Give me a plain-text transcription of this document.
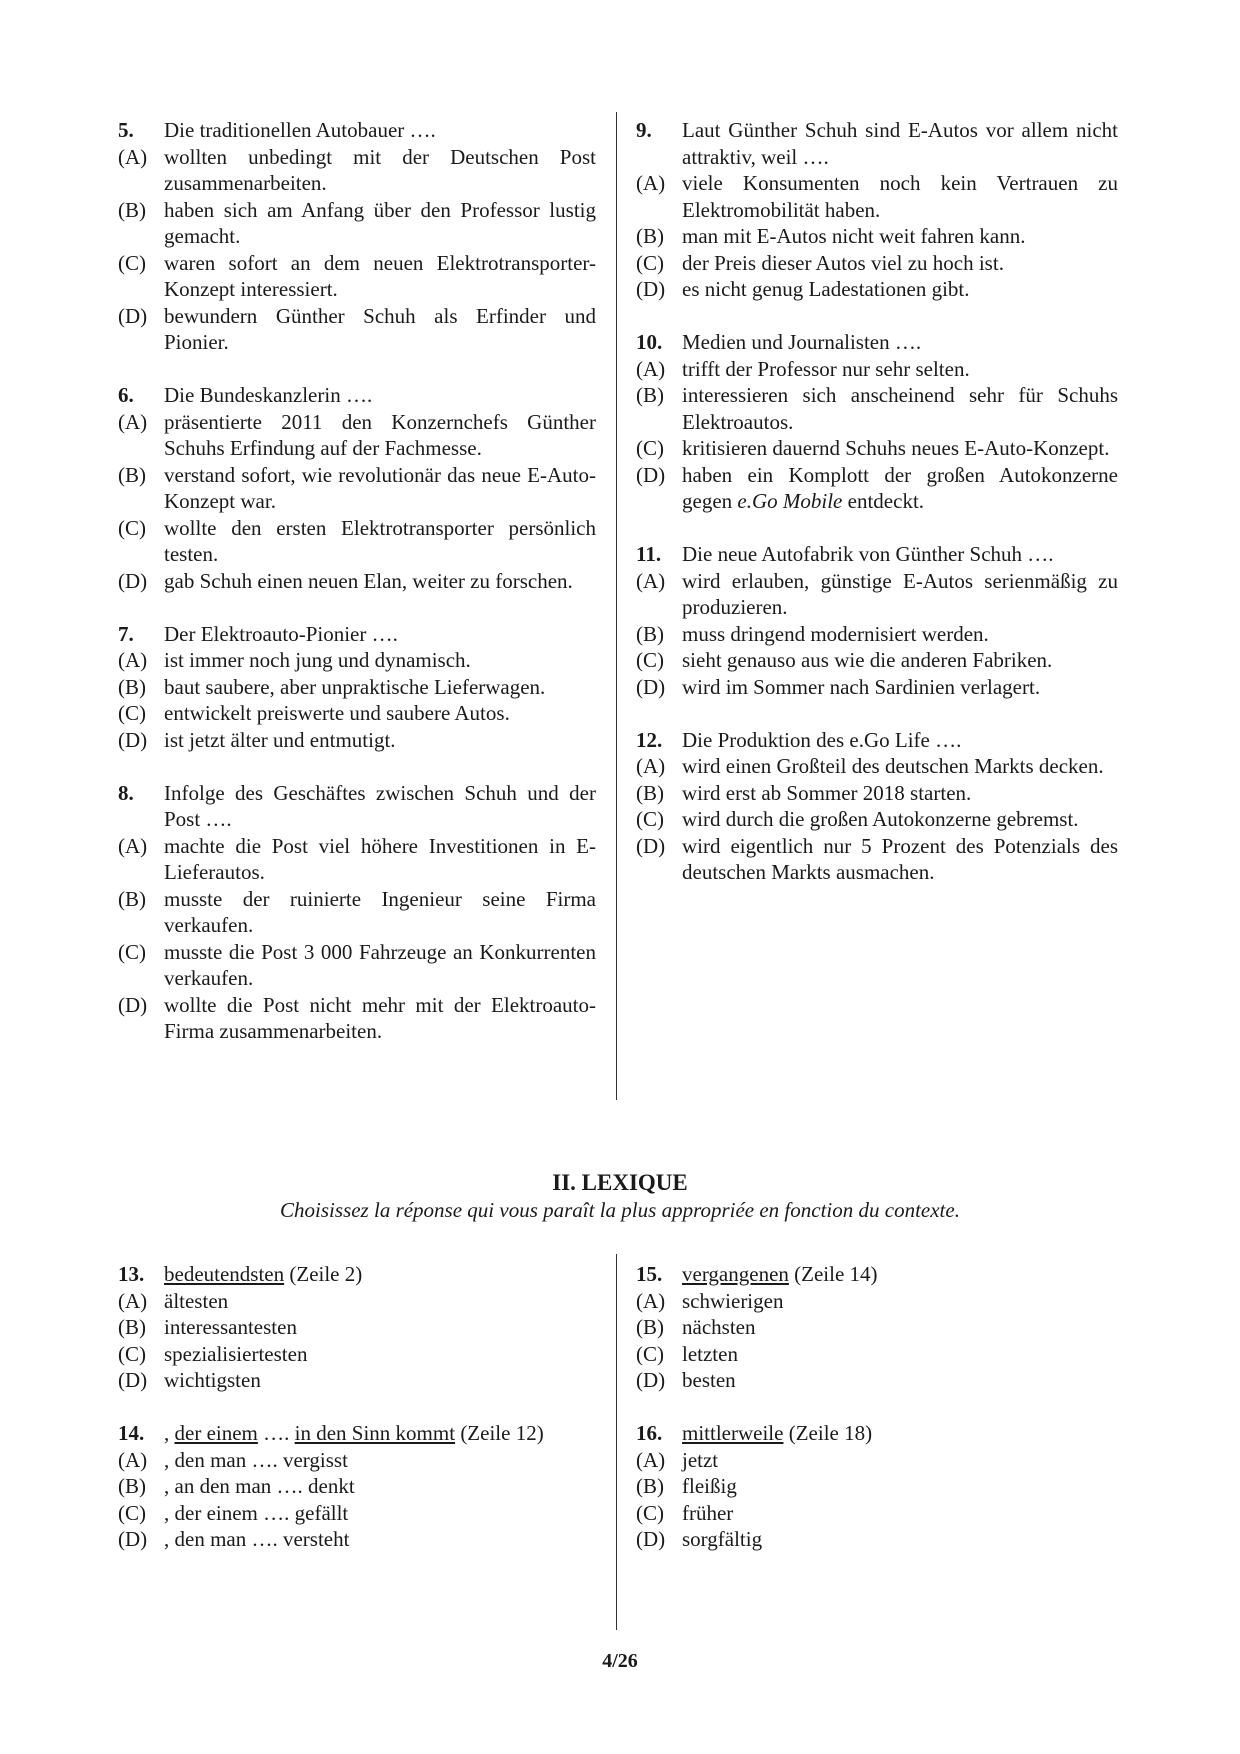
5.	Die traditionellen Autobauer ….
(A) wollten unbedingt mit der Deutschen Post zusammenarbeiten.
(B) haben sich am Anfang über den Professor lustig gemacht.
(C) waren sofort an dem neuen Elektrotransporter-Konzept interessiert.
(D) bewundern Günther Schuh als Erfinder und Pionier.
6.	Die Bundeskanzlerin ….
(A) präsentierte 2011 den Konzernchefs Günther Schuhs Erfindung auf der Fachmesse.
(B) verstand sofort, wie revolutionär das neue E-Auto-Konzept war.
(C) wollte den ersten Elektrotransporter persönlich testen.
(D) gab Schuh einen neuen Elan, weiter zu forschen.
7.	Der Elektroauto-Pionier ….
(A) ist immer noch jung und dynamisch.
(B) baut saubere, aber unpraktische Lieferwagen.
(C) entwickelt preiswerte und saubere Autos.
(D) ist jetzt älter und entmutigt.
8.	Infolge des Geschäftes zwischen Schuh und der Post ….
(A) machte die Post viel höhere Investitionen in E-Lieferautos.
(B) musste der ruinierte Ingenieur seine Firma verkaufen.
(C) musste die Post 3 000 Fahrzeuge an Konkurrenten verkaufen.
(D) wollte die Post nicht mehr mit der Elektroauto-Firma zusammenarbeiten.
9.	Laut Günther Schuh sind E-Autos vor allem nicht attraktiv, weil ….
(A) viele Konsumenten noch kein Vertrauen zu Elektromobilität haben.
(B) man mit E-Autos nicht weit fahren kann.
(C) der Preis dieser Autos viel zu hoch ist.
(D) es nicht genug Ladestationen gibt.
10. Medien und Journalisten ….
(A) trifft der Professor nur sehr selten.
(B) interessieren sich anscheinend sehr für Schuhs Elektroautos.
(C) kritisieren dauernd Schuhs neues E-Auto-Konzept.
(D) haben ein Komplott der großen Autokonzerne gegen e.Go Mobile entdeckt.
11. Die neue Autofabrik von Günther Schuh ….
(A) wird erlauben, günstige E-Autos serienmäßig zu produzieren.
(B) muss dringend modernisiert werden.
(C) sieht genauso aus wie die anderen Fabriken.
(D) wird im Sommer nach Sardinien verlagert.
12. Die Produktion des e.Go Life ….
(A) wird einen Großteil des deutschen Markts decken.
(B) wird erst ab Sommer 2018 starten.
(C) wird durch die großen Autokonzerne gebremst.
(D) wird eigentlich nur 5 Prozent des Potenzials des deutschen Markts ausmachen.
II. LEXIQUE
Choisissez la réponse qui vous paraît la plus appropriée en fonction du contexte.
13. bedeutendsten (Zeile 2)
(A) ältesten
(B) interessantesten
(C) spezialisiertesten
(D) wichtigsten
14. , der einem …. in den Sinn kommt (Zeile 12)
(A) , den man …. vergisst
(B) , an den man …. denkt
(C) , der einem …. gefällt
(D) , den man …. versteht
15. vergangenen (Zeile 14)
(A) schwierigen
(B) nächsten
(C) letzten
(D) besten
16. mittlerweile (Zeile 18)
(A) jetzt
(B) fleißig
(C) früher
(D) sorgfältig
4/26
